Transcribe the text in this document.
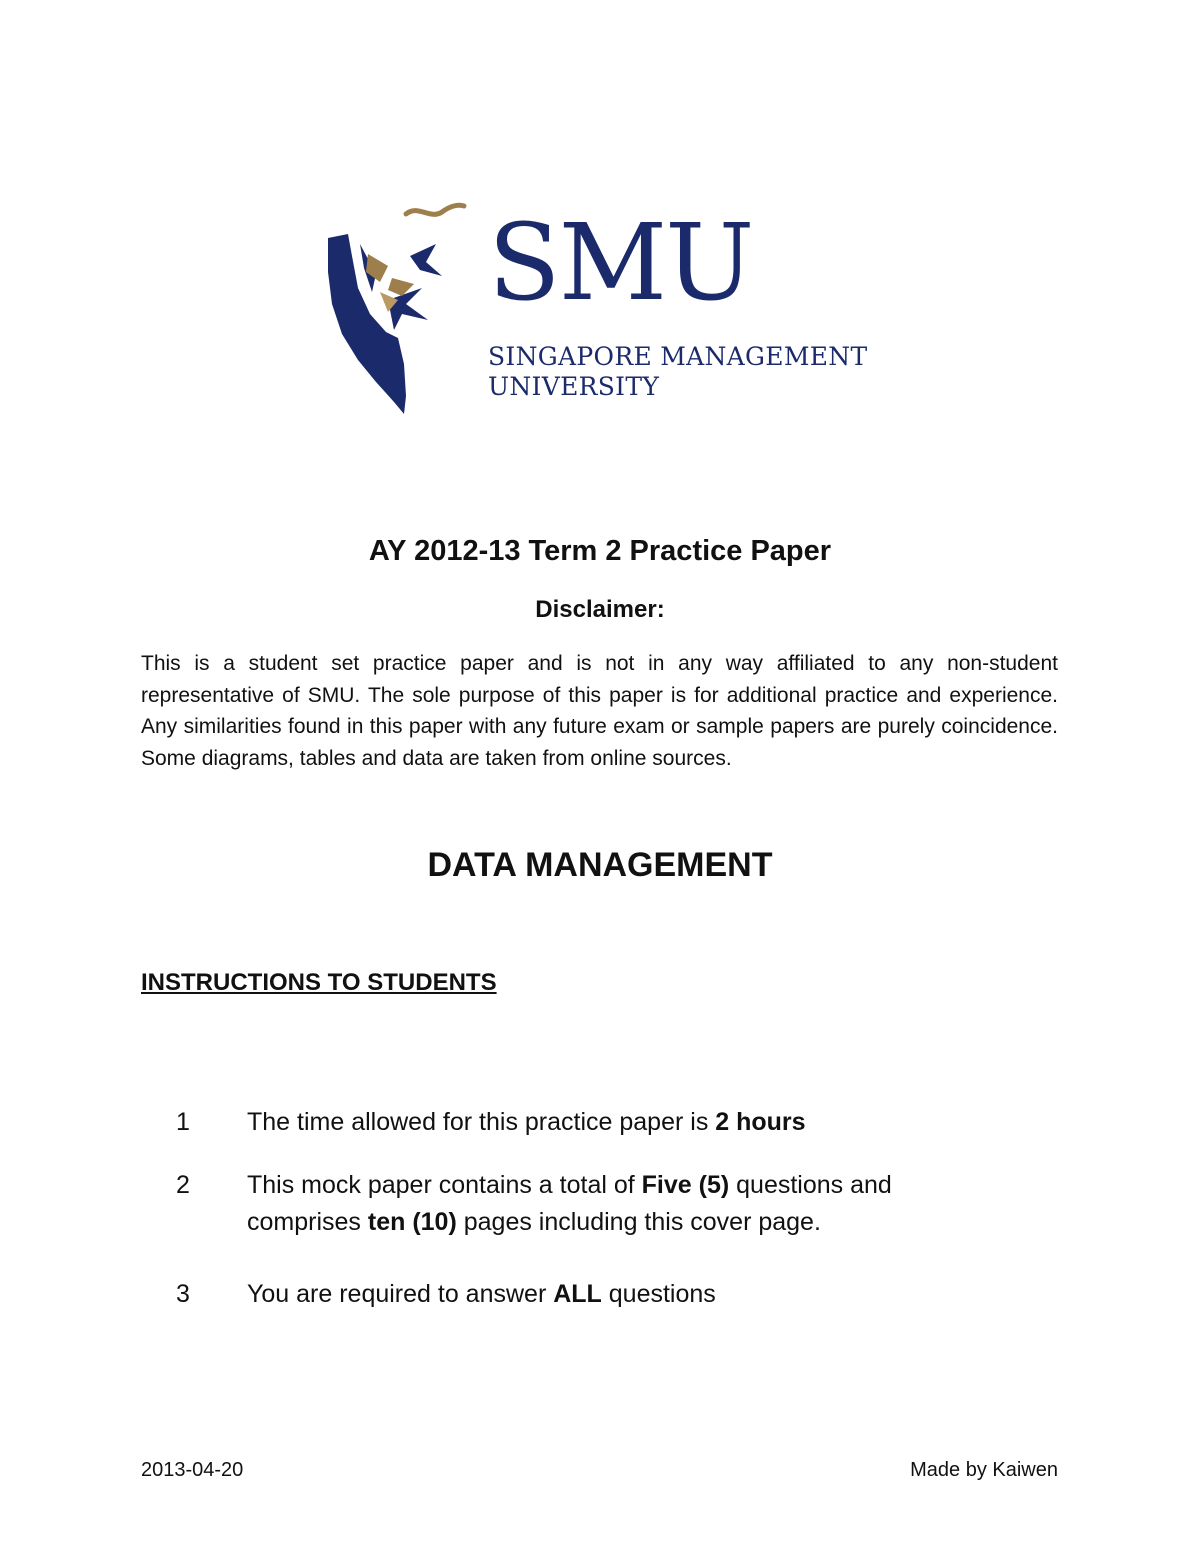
SMU
SINGAPORE MANAGEMENT
UNIVERSITY
AY 2012-13 Term 2 Practice Paper
Disclaimer:
This is a student set practice paper and is not in any way affiliated to any non-student representative of SMU. The sole purpose of this paper is for additional practice and experience. Any similarities found in this paper with any future exam or sample papers are purely coincidence. Some diagrams, tables and data are taken from online sources.
DATA MANAGEMENT
INSTRUCTIONS TO STUDENTS
1 The time allowed for this practice paper is 2 hours
2 This mock paper contains a total of Five (5) questions and
comprises ten (10) pages including this cover page.
3 You are required to answer ALL questions
2013-04-20	Made by Kaiwen
